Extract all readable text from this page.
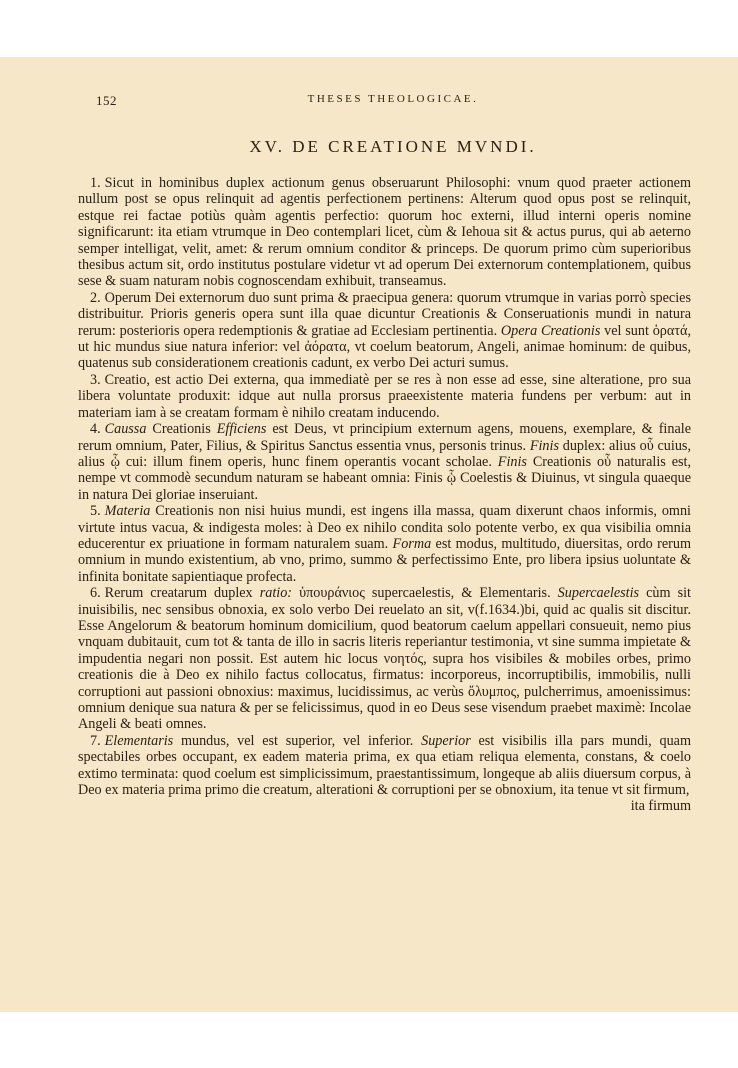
152	THESES THEOLOGICAE.
XV. DE CREATIONE MVNDI.

1. Sicut in hominibus duplex actionum genus obseruarunt Philosophi: vnum quod praeter actionem nullum post se opus relinquit ad agentis perfectionem pertinens: Alterum quod opus post se relinquit, estque rei factae potiùs quàm agentis perfectio: quorum hoc externi, illud interni operis nomine significarunt: ita etiam vtrumque in Deo contemplari licet, cùm & Iehoua sit & actus purus, qui ab aeterno semper intelligat, velit, amet: & rerum omnium conditor & princeps. De quorum primo cùm superioribus thesibus actum sit, ordo institutus postulare videtur vt ad operum Dei externorum contemplationem, quibus sese & suam naturam nobis cognoscendam exhibuit, transeamus.

2. Operum Dei externorum duo sunt prima & praecipua genera: quorum vtrumque in varias porrò species distribuitur. Prioris generis opera sunt illa quae dicuntur Creationis & Conseruationis mundi in natura rerum: posterioris opera redemptionis & gratiae ad Ecclesiam pertinentia. Opera Creationis vel sunt ὁρατά, ut hic mundus siue natura inferior: vel ἀόρατα, vt coelum beatorum, Angeli, animae hominum: de quibus, quatenus sub considerationem creationis cadunt, ex verbo Dei acturi sumus.

3. Creatio, est actio Dei externa, qua immediatè per se res à non esse ad esse, sine alteratione, pro sua libera voluntate produxit: idque aut nulla prorsus praeexistente materia fundens per verbum: aut in materiam iam à se creatam formam è nihilo creatam inducendo.

4. Caussa Creationis Efficiens est Deus, vt principium externum agens, mouens, exemplare, & finale rerum omnium, Pater, Filius, & Spiritus Sanctus essentia vnus, personis trinus. Finis duplex: alius οὗ cuius, alius ᾧ cui: illum finem operis, hunc finem operantis vocant scholae. Finis Creationis οὗ naturalis est, nempe vt commodè secundum naturam se habeant omnia: Finis ᾧ Coelestis & Diuinus, vt singula quaeque in natura Dei gloriae inseruiant.

5. Materia Creationis non nisi huius mundi, est ingens illa massa, quam dixerunt chaos informis, omni virtute intus vacua, & indigesta moles: à Deo ex nihilo condita solo potente verbo, ex qua visibilia omnia educerentur ex priuatione in formam naturalem suam. Forma est modus, multitudo, diuersitas, ordo rerum omnium in mundo existentium, ab vno, primo, summo & perfectissimo Ente, pro libera ipsius uoluntate & infinita bonitate sapientiaque profecta.

6. Rerum creatarum duplex ratio: ὑπουράνιος supercaelestis, & Elementaris. Supercaelestis cùm sit inuisibilis, nec sensibus obnoxia, ex solo verbo Dei reuelato an sit, v(f.1634.)bi, quid ac qualis sit discitur. Esse Angelorum & beatorum hominum domicilium, quod beatorum caelum appellari consueuit, nemo pius vnquam dubitauit, cum tot & tanta de illo in sacris literis reperiantur testimonia, vt sine summa impietate & impudentia negari non possit. Est autem hic locus νοητός, supra hos visibiles & mobiles orbes, primo creationis die à Deo ex nihilo factus collocatus, firmatus: incorporeus, incorruptibilis, immobilis, nulli corruptioni aut passioni obnoxius: maximus, lucidissimus, ac verùs ὄλυμπος, pulcherrimus, amoenissimus: omnium denique sua natura & per se felicissimus, quod in eo Deus sese visendum praebet maximè: Incolae Angeli & beati omnes.

7. Elementaris mundus, vel est superior, vel inferior. Superior est visibilis illa pars mundi, quam spectabiles orbes occupant, ex eadem materia prima, ex qua etiam reliqua elementa, constans, & coelo extimo terminata: quod coelum est simplicissimum, praestantissimum, longeque ab aliis diuersum corpus, à Deo ex materia prima primo die creatum, alterationi & corruptioni per se obnoxium, ita tenue vt sit firmum,

ita firmum
